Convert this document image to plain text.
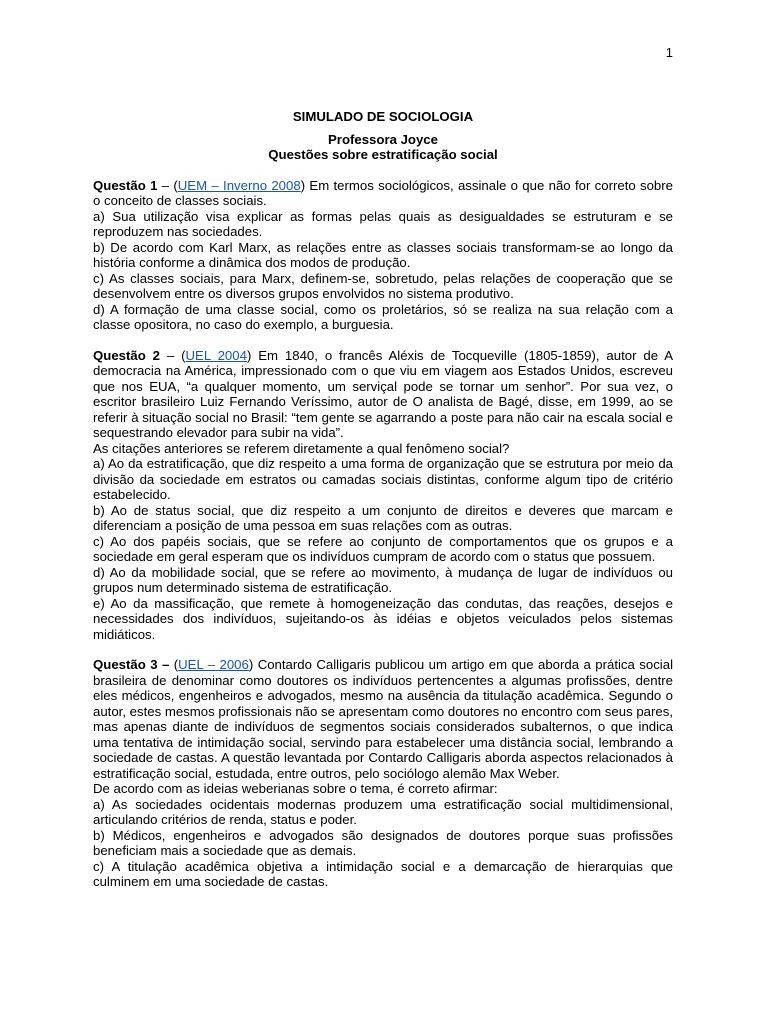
1
SIMULADO DE SOCIOLOGIA
Professora Joyce
Questões sobre estratificação social

Questão 1 – (UEM – Inverno 2008) Em termos sociológicos, assinale o que não for correto sobre o conceito de classes sociais.

a) Sua utilização visa explicar as formas pelas quais as desigualdades se estruturam e se reproduzem nas sociedades.

b) De acordo com Karl Marx, as relações entre as classes sociais transformam-se ao longo da história conforme a dinâmica dos modos de produção.

c) As classes sociais, para Marx, definem-se, sobretudo, pelas relações de cooperação que se desenvolvem entre os diversos grupos envolvidos no sistema produtivo.

d) A formação de uma classe social, como os proletários, só se realiza na sua relação com a classe opositora, no caso do exemplo, a burguesia.

Questão 2 – (UEL 2004) Em 1840, o francês Aléxis de Tocqueville (1805-1859), autor de A democracia na América, impressionado com o que viu em viagem aos Estados Unidos, escreveu que nos EUA, “a qualquer momento, um serviçal pode se tornar um senhor”. Por sua vez, o escritor brasileiro Luiz Fernando Veríssimo, autor de O analista de Bagé, disse, em 1999, ao se referir à situação social no Brasil: “tem gente se agarrando a poste para não cair na escala social e sequestrando elevador para subir na vida”.

As citações anteriores se referem diretamente a qual fenômeno social?

a) Ao da estratificação, que diz respeito a uma forma de organização que se estrutura por meio da divisão da sociedade em estratos ou camadas sociais distintas, conforme algum tipo de critério estabelecido.

b) Ao de status social, que diz respeito a um conjunto de direitos e deveres que marcam e diferenciam a posição de uma pessoa em suas relações com as outras.

c) Ao dos papéis sociais, que se refere ao conjunto de comportamentos que os grupos e a sociedade em geral esperam que os indivíduos cumpram de acordo com o status que possuem.

d) Ao da mobilidade social, que se refere ao movimento, à mudança de lugar de indivíduos ou grupos num determinado sistema de estratificação.

e) Ao da massificação, que remete à homogeneização das condutas, das reações, desejos e necessidades dos indivíduos, sujeitando-os às idéias e objetos veiculados pelos sistemas midiáticos.

Questão 3 – (UEL – 2006) Contardo Calligaris publicou um artigo em que aborda a prática social brasileira de denominar como doutores os indivíduos pertencentes a algumas profissões, dentre eles médicos, engenheiros e advogados, mesmo na ausência da titulação acadêmica. Segundo o autor, estes mesmos profissionais não se apresentam como doutores no encontro com seus pares, mas apenas diante de indivíduos de segmentos sociais considerados subalternos, o que indica uma tentativa de intimidação social, servindo para estabelecer uma distância social, lembrando a sociedade de castas. A questão levantada por Contardo Calligaris aborda aspectos relacionados à estratificação social, estudada, entre outros, pelo sociólogo alemão Max Weber.

De acordo com as ideias weberianas sobre o tema, é correto afirmar:

a) As sociedades ocidentais modernas produzem uma estratificação social multidimensional, articulando critérios de renda, status e poder.

b) Médicos, engenheiros e advogados são designados de doutores porque suas profissões beneficiam mais a sociedade que as demais.

c) A titulação acadêmica objetiva a intimidação social e a demarcação de hierarquias que culminem em uma sociedade de castas.
